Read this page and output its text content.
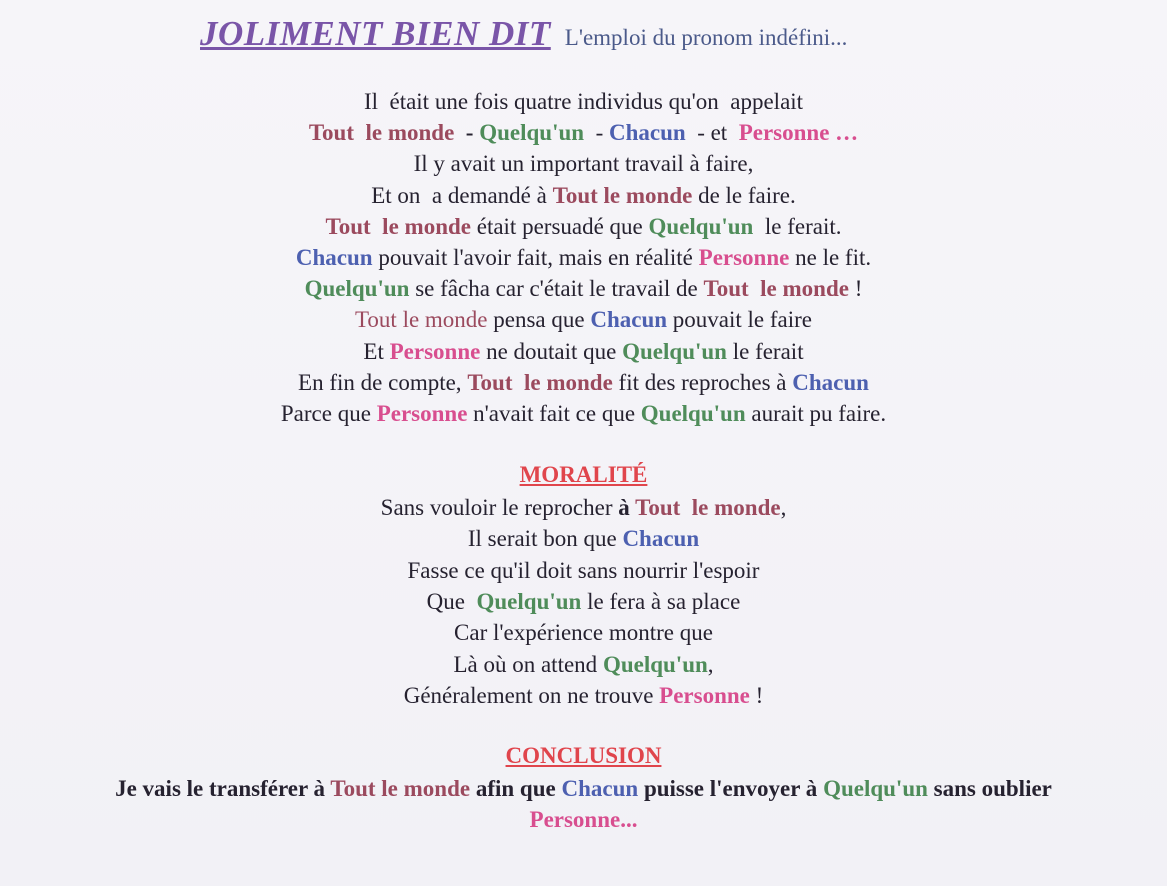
JOLIMENT BIEN DIT L'emploi du pronom indéfini...
Il  était une fois quatre individus qu'on  appelait
Tout  le monde  - Quelqu'un  - Chacun  - et  Personne …
Il y avait un important travail à faire,
Et on  a demandé à Tout le monde de le faire.
Tout  le monde était persuadé que Quelqu'un  le ferait.
Chacun pouvait l'avoir fait, mais en réalité Personne ne le fit.
Quelqu'un se fâcha car c'était le travail de Tout  le monde !
Tout le monde pensa que Chacun pouvait le faire
Et Personne ne doutait que Quelqu'un le ferait
En fin de compte, Tout  le monde fit des reproches à Chacun
Parce que Personne n'avait fait ce que Quelqu'un aurait pu faire.
MORALITÉ
Sans vouloir le reprocher à Tout  le monde,
Il serait bon que Chacun
Fasse ce qu'il doit sans nourrir l'espoir
Que  Quelqu'un le fera à sa place
Car l'expérience montre que
Là où on attend Quelqu'un,
Généralement on ne trouve Personne !
CONCLUSION
Je vais le transférer à Tout le monde afin que Chacun puisse l'envoyer à Quelqu'un sans oublier
Personne...
